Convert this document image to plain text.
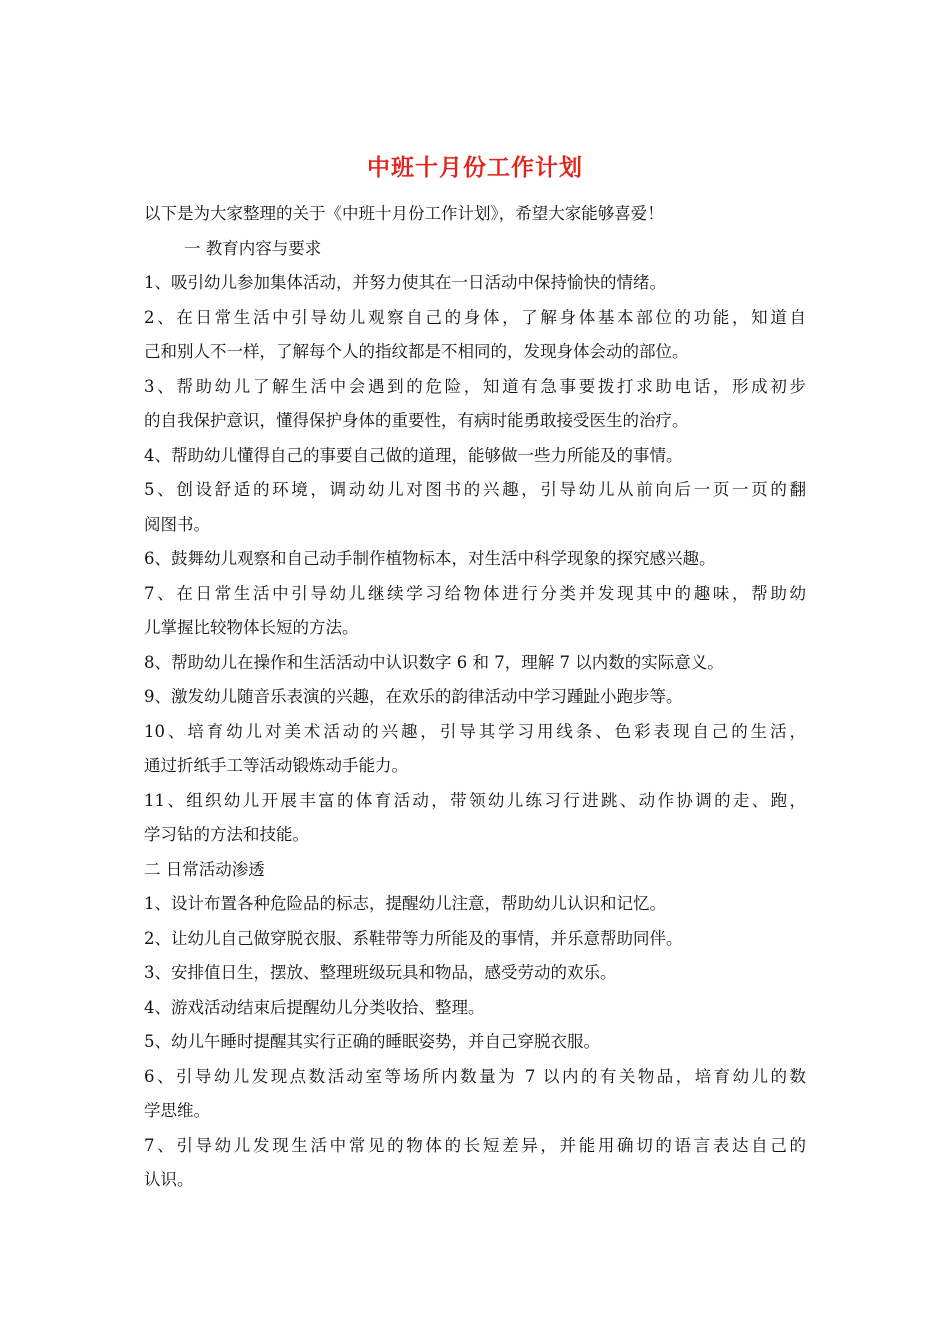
中班十月份工作计划
以下是为大家整理的关于《中班十月份工作计划》，希望大家能够喜爱！
一 教育内容与要求
1、吸引幼儿参加集体活动，并努力使其在一日活动中保持愉快的情绪。
2、在日常生活中引导幼儿观察自己的身体，了解身体基本部位的功能，知道自
己和别人不一样，了解每个人的指纹都是不相同的，发现身体会动的部位。
3、帮助幼儿了解生活中会遇到的危险，知道有急事要拨打求助电话，形成初步
的自我保护意识，懂得保护身体的重要性，有病时能勇敢接受医生的治疗。
4、帮助幼儿懂得自己的事要自己做的道理，能够做一些力所能及的事情。
5、创设舒适的环境，调动幼儿对图书的兴趣，引导幼儿从前向后一页一页的翻
阅图书。
6、鼓舞幼儿观察和自己动手制作植物标本，对生活中科学现象的探究感兴趣。
7、在日常生活中引导幼儿继续学习给物体进行分类并发现其中的趣味，帮助幼
儿掌握比较物体长短的方法。
8、帮助幼儿在操作和生活活动中认识数字 6 和 7，理解 7 以内数的实际意义。
9、激发幼儿随音乐表演的兴趣，在欢乐的韵律活动中学习踵趾小跑步等。
10、培育幼儿对美术活动的兴趣，引导其学习用线条、色彩表现自己的生活，
通过折纸手工等活动锻炼动手能力。
11、组织幼儿开展丰富的体育活动，带领幼儿练习行进跳、动作协调的走、跑，
学习钻的方法和技能。
二 日常活动渗透
1、设计布置各种危险品的标志，提醒幼儿注意，帮助幼儿认识和记忆。
2、让幼儿自己做穿脱衣服、系鞋带等力所能及的事情，并乐意帮助同伴。
3、安排值日生，摆放、整理班级玩具和物品，感受劳动的欢乐。
4、游戏活动结束后提醒幼儿分类收拾、整理。
5、幼儿午睡时提醒其实行正确的睡眠姿势，并自己穿脱衣服。
6、引导幼儿发现点数活动室等场所内数量为 7 以内的有关物品，培育幼儿的数
学思维。
7、引导幼儿发现生活中常见的物体的长短差异，并能用确切的语言表达自己的
认识。
